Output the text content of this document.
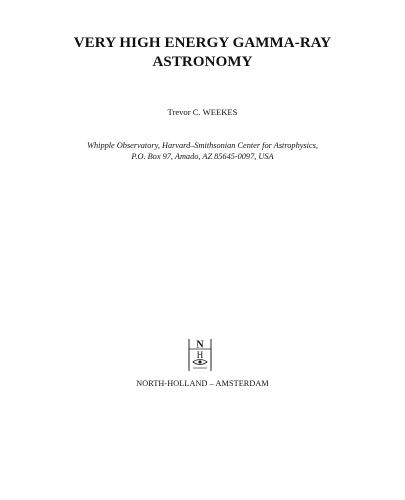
VERY HIGH ENERGY GAMMA-RAY
ASTRONOMY
Trevor C. WEEKES
Whipple Observatory, Harvard–Smithsonian Center for Astrophysics,
P.O. Box 97, Amado, AZ 85645-0097, USA
N
H
NORTH-HOLLAND – AMSTERDAM
